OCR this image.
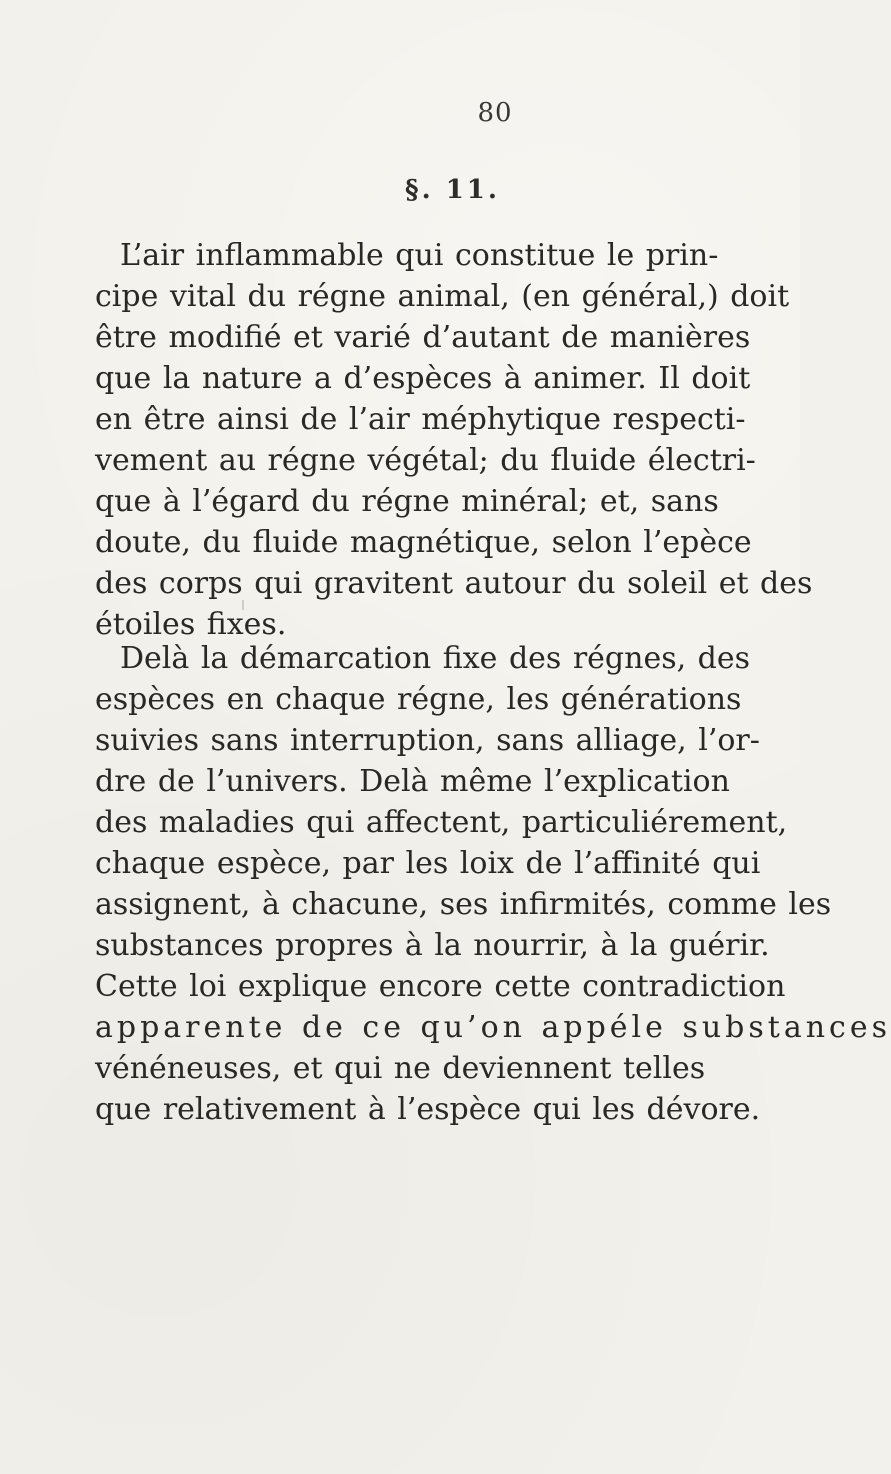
80
§. 11.
L’air inflammable qui constitue le prin-
cipe vital du régne animal, (en général,) doit
être modifié et varié d’autant de manières
que la nature a d’espèces à animer. Il doit
en être ainsi de l’air méphytique respecti-
vement au régne végétal; du fluide électri-
que à l’égard du régne minéral; et, sans
doute, du fluide magnétique, selon l’epèce
des corps qui gravitent autour du soleil et des
étoiles fixes.
Delà la démarcation fixe des régnes, des
espèces en chaque régne, les générations
suivies sans interruption, sans alliage, l’or-
dre de l’univers. Delà même l’explication
des maladies qui affectent, particuliérement,
chaque espèce, par les loix de l’affinité qui
assignent, à chacune, ses infirmités, comme les
substances propres à la nourrir, à la guérir.
Cette loi explique encore cette contradiction
apparente de ce qu’on appéle substances
vénéneuses, et qui ne deviennent telles
que relativement à l’espèce qui les dévore.
